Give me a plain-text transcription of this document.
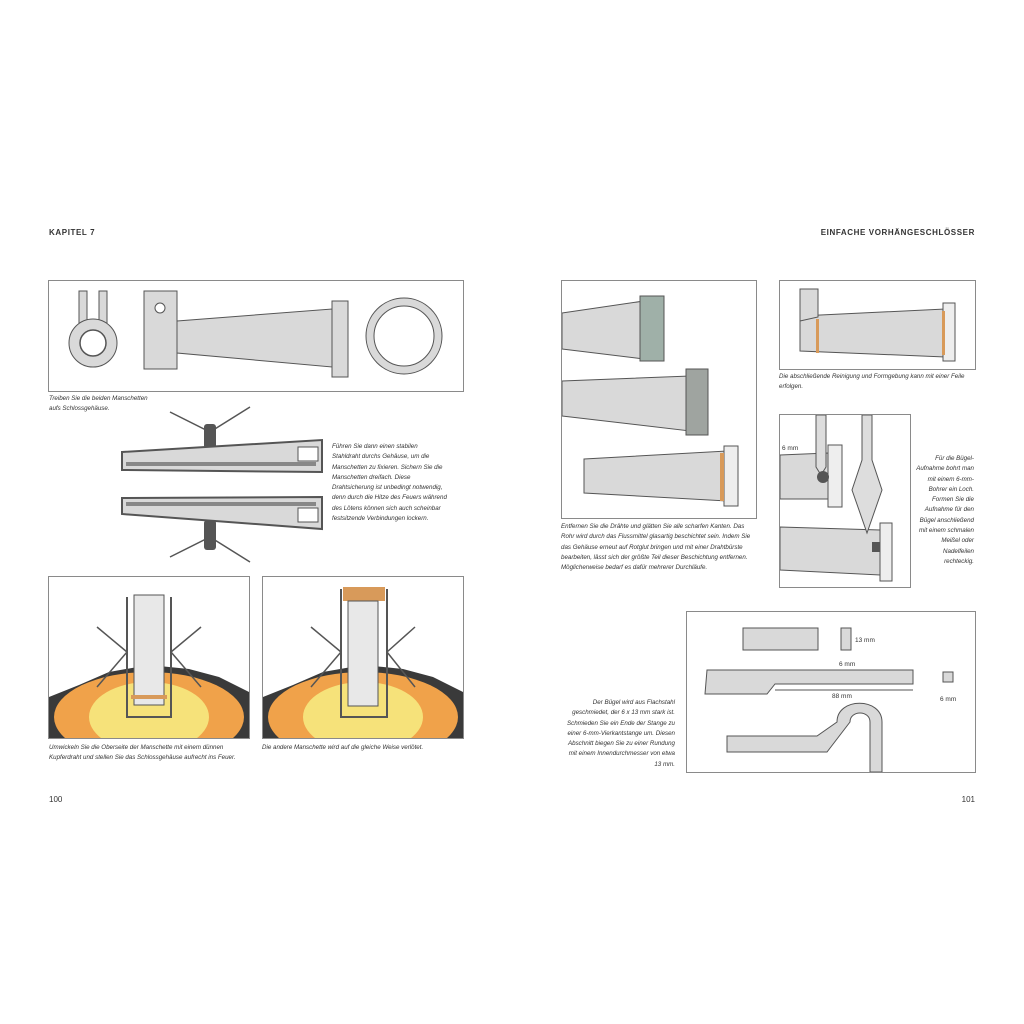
KAPITEL 7	EINFACHE VORHÄNGESCHLÖSSER
Treiben Sie die beiden Manschetten aufs Schlossgehäuse.
Führen Sie dann einen stabilen Stahldraht durchs Gehäuse, um die Manschetten zu fixieren. Sichern Sie die Manschetten dreifach. Diese Drahtsicherung ist unbedingt notwendig, denn durch die Hitze des Feuers während des Lötens können sich auch scheinbar festsitzende Verbindungen lockern.
Umwickeln Sie die Oberseite der Manschette mit einem dünnen Kupferdraht und stellen Sie das Schlossgehäuse aufrecht ins Feuer.
Die andere Manschette wird auf die gleiche Weise verlötet.
100
Entfernen Sie die Drähte und glätten Sie alle scharfen Kanten. Das Rohr wird durch das Flussmittel glasartig beschichtet sein. Indem Sie das Gehäuse erneut auf Rotglut bringen und mit einer Drahtbürste bearbeiten, lässt sich der größte Teil dieser Beschichtung entfernen. Möglicherweise bedarf es dafür mehrerer Durchläufe.
Die abschließende Reinigung und Formgebung kann mit einer Feile erfolgen.
6 mm
Für die Bügel-Aufnahme bohrt man mit einem 6-mm-Bohrer ein Loch. Formen Sie die Aufnahme für den Bügel anschließend mit einem schmalen Meißel oder Nadelfeilen rechteckig.
13 mm
6 mm
88 mm	6 mm
Der Bügel wird aus Flachstahl geschmiedet, der 6 x 13 mm stark ist. Schmieden Sie ein Ende der Stange zu einer 6-mm-Vierkantstange um. Diesen Abschnitt biegen Sie zu einer Rundung mit einem Innendurchmesser von etwa 13 mm.
101
